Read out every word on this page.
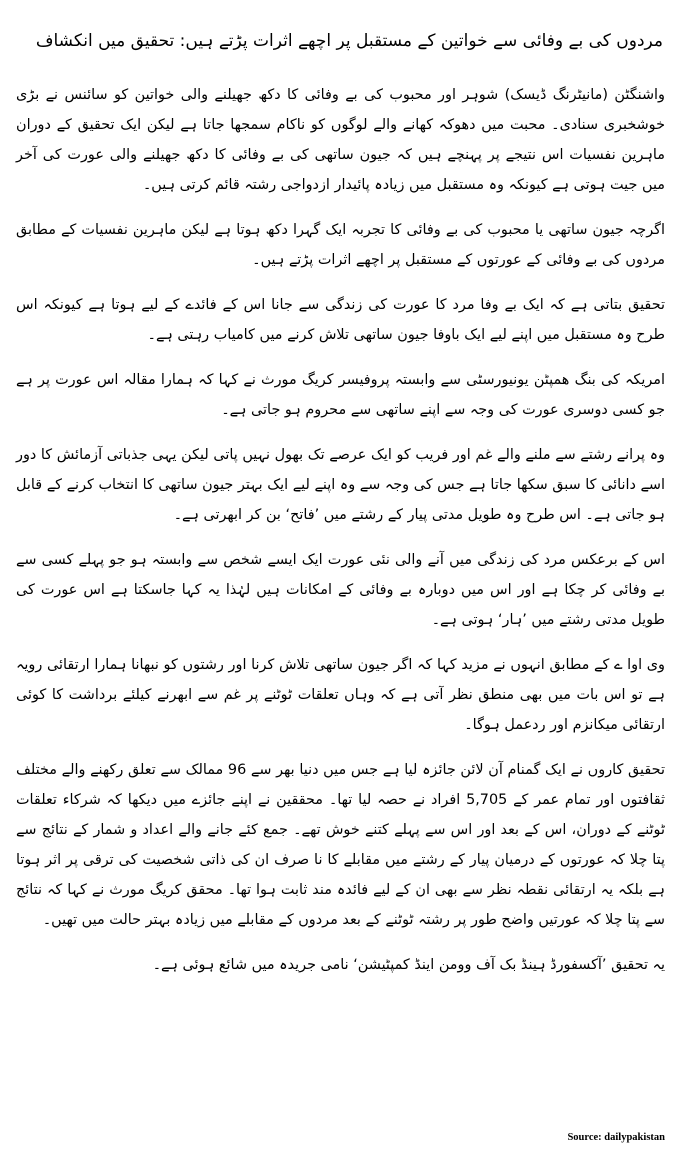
مردوں کی بے وفائی سے خواتین کے مستقبل پر اچھے اثرات پڑتے ہیں: تحقیق میں انکشاف

واشنگٹن (مانیٹرنگ ڈیسک) شوہر اور محبوب کی بے وفائی کا دکھ جھیلنے والی خواتین کو سائنس نے بڑی خوشخبری سنادی۔ محبت میں دھوکہ کھانے والے لوگوں کو ناکام سمجھا جاتا ہے لیکن ایک تحقیق کے دوران ماہرین نفسیات اس نتیجے پر پہنچے ہیں کہ جیون ساتھی کی بے وفائی کا دکھ جھیلنے والی عورت کی آخر میں جیت ہوتی ہے کیونکہ وہ مستقبل میں زیادہ پائیدار ازدواجی رشتہ قائم کرتی ہیں۔

اگرچہ جیون ساتھی یا محبوب کی بے وفائی کا تجربہ ایک گہرا دکھ ہوتا ہے لیکن ماہرین نفسیات کے مطابق مردوں کی بے وفائی کے عورتوں کے مستقبل پر اچھے اثرات پڑتے ہیں۔

تحقیق بتاتی ہے کہ ایک بے وفا مرد کا عورت کی زندگی سے جانا اس کے فائدے کے لیے ہوتا ہے کیونکہ اس طرح وہ مستقبل میں اپنے لیے ایک باوفا جیون ساتھی تلاش کرنے میں کامیاب رہتی ہے۔

امریکہ کی بنگ ھمپٹن یونیورسٹی سے وابستہ پروفیسر کریگ مورث نے کہا کہ ہمارا مقالہ اس عورت پر ہے جو کسی دوسری عورت کی وجہ سے اپنے ساتھی سے محروم ہو جاتی ہے۔

وہ پرانے رشتے سے ملنے والے غم اور فریب کو ایک عرصے تک بھول نہیں پاتی لیکن یہی جذباتی آزمائش کا دور اسے دانائی کا سبق سکھا جاتا ہے جس کی وجہ سے وہ اپنے لیے ایک بہتر جیون ساتھی کا انتخاب کرنے کے قابل ہو جاتی ہے۔ اس طرح وہ طویل مدتی پیار کے رشتے میں ’فاتح‘ بن کر ابھرتی ہے۔

اس کے برعکس مرد کی زندگی میں آنے والی نئی عورت ایک ایسے شخص سے وابستہ ہو جو پہلے کسی سے بے وفائی کر چکا ہے اور اس میں دوبارہ بے وفائی کے امکانات ہیں لہٰذا یہ کہا جاسکتا ہے اس عورت کی طویل مدتی رشتے میں ’ہار‘ ہوتی ہے۔

وی اوا ے کے مطابق انہوں نے مزید کہا کہ اگر جیون ساتھی تلاش کرنا اور رشتوں کو نبھانا ہمارا ارتقائی رویہ ہے تو اس بات میں بھی منطق نظر آتی ہے کہ وہاں تعلقات ٹوٹنے پر غم سے ابھرنے کیلئے برداشت کا کوئی ارتقائی میکانزم اور ردعمل ہوگا۔

تحقیق کاروں نے ایک گمنام آن لائن جائزہ لیا ہے جس میں دنیا بھر سے 96 ممالک سے تعلق رکھنے والے مختلف ثقافتوں اور تمام عمر کے 5,705 افراد نے حصہ لیا تھا۔ محققین نے اپنے جائزے میں دیکھا کہ شرکاء تعلقات ٹوٹنے کے دوران، اس کے بعد اور اس سے پہلے کتنے خوش تھے۔ جمع کئے جانے والے اعداد و شمار کے نتائج سے پتا چلا کہ عورتوں کے درمیان پیار کے رشتے میں مقابلے کا نا صرف ان کی ذاتی شخصیت کی ترقی پر اثر ہوتا ہے بلکہ یہ ارتقائی نقطہ نظر سے بھی ان کے لیے فائدہ مند ثابت ہوا تھا۔ محقق کریگ مورث نے کہا کہ نتائج سے پتا چلا کہ عورتیں واضح طور پر رشتہ ٹوٹنے کے بعد مردوں کے مقابلے میں زیادہ بہتر حالت میں تھیں۔

یہ تحقیق ’آکسفورڈ ہینڈ بک آف وومن اینڈ کمپٹیشن‘ نامی جریدہ میں شائع ہوئی ہے۔

Source: dailypakistan
